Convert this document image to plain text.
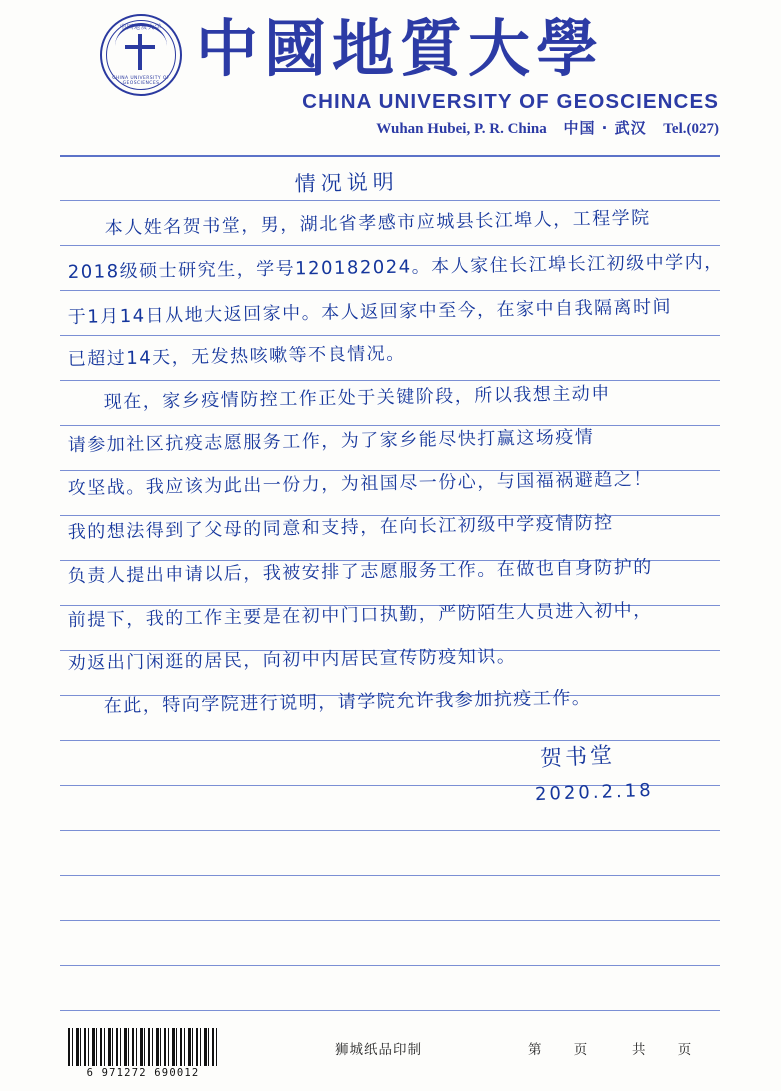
中国地质大学
CHINA UNIVERSITY OF GEOSCIENCES 中國地質大學
CHINA UNIVERSITY OF GEOSCIENCES
Wuhan Hubei, P. R. China 中国 · 武汉 Tel.(027)
情况说明
本人姓名贺书堂，男，湖北省孝感市应城县长江埠人，工程学院
2018级硕士研究生，学号120182024。本人家住长江埠长江初级中学内，
于1月14日从地大返回家中。本人返回家中至今，在家中自我隔离时间
已超过14天，无发热咳嗽等不良情况。
现在，家乡疫情防控工作正处于关键阶段，所以我想主动申
请参加社区抗疫志愿服务工作，为了家乡能尽快打赢这场疫情
攻坚战。我应该为此出一份力，为祖国尽一份心，与国福祸避趋之！
我的想法得到了父母的同意和支持，在向长江初级中学疫情防控
负责人提出申请以后，我被安排了志愿服务工作。在做也自身防护的
前提下，我的工作主要是在初中门口执勤，严防陌生人员进入初中，
劝返出门闲逛的居民，向初中内居民宣传防疫知识。
在此，特向学院进行说明，请学院允许我参加抗疫工作。
贺书堂
2020.2.18
6 971272 690012
狮城纸品印制	第 页 共 页
